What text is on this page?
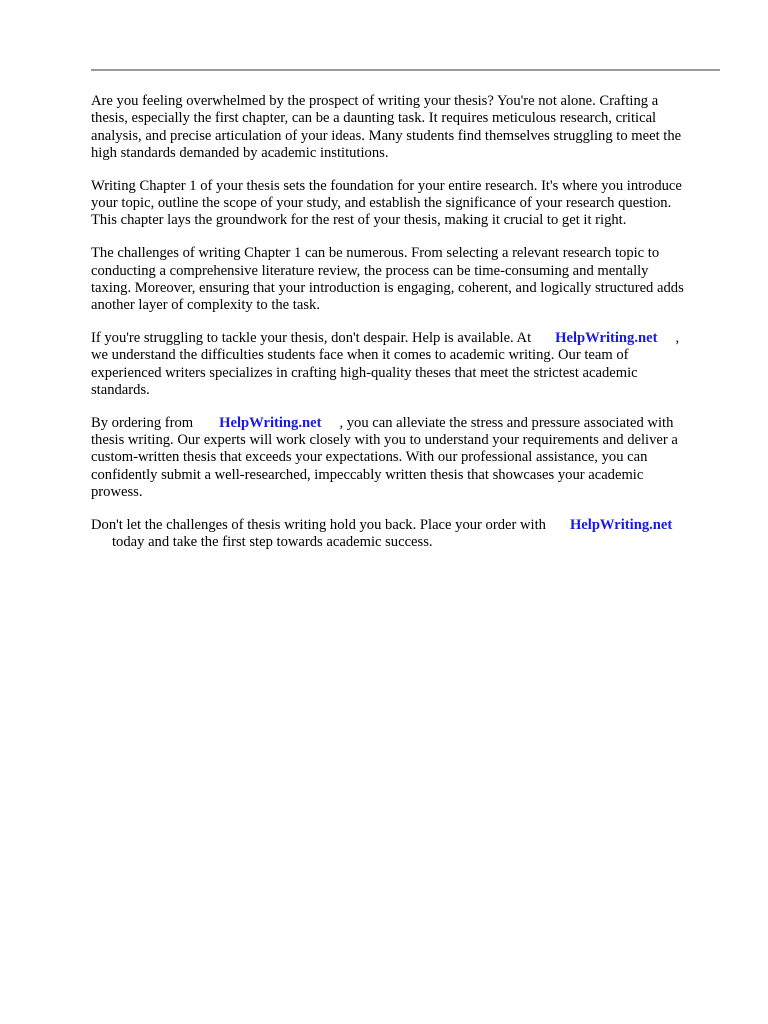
Are you feeling overwhelmed by the prospect of writing your thesis? You're not alone. Crafting a
thesis, especially the first chapter, can be a daunting task. It requires meticulous research, critical
analysis, and precise articulation of your ideas. Many students find themselves struggling to meet the
high standards demanded by academic institutions.

Writing Chapter 1 of your thesis sets the foundation for your entire research. It's where you introduce
your topic, outline the scope of your study, and establish the significance of your research question.
This chapter lays the groundwork for the rest of your thesis, making it crucial to get it right.

The challenges of writing Chapter 1 can be numerous. From selecting a relevant research topic to
conducting a comprehensive literature review, the process can be time-consuming and mentally
taxing. Moreover, ensuring that your introduction is engaging, coherent, and logically structured adds
another layer of complexity to the task.

If you're struggling to tackle your thesis, don't despair. Help is available. At HelpWriting.net ,
we understand the difficulties students face when it comes to academic writing. Our team of
experienced writers specializes in crafting high-quality theses that meet the strictest academic
standards.

By ordering from HelpWriting.net , you can alleviate the stress and pressure associated with
thesis writing. Our experts will work closely with you to understand your requirements and deliver a
custom-written thesis that exceeds your expectations. With our professional assistance, you can
confidently submit a well-researched, impeccably written thesis that showcases your academic
prowess.

Don't let the challenges of thesis writing hold you back. Place your order with HelpWriting.net
today and take the first step towards academic success.
